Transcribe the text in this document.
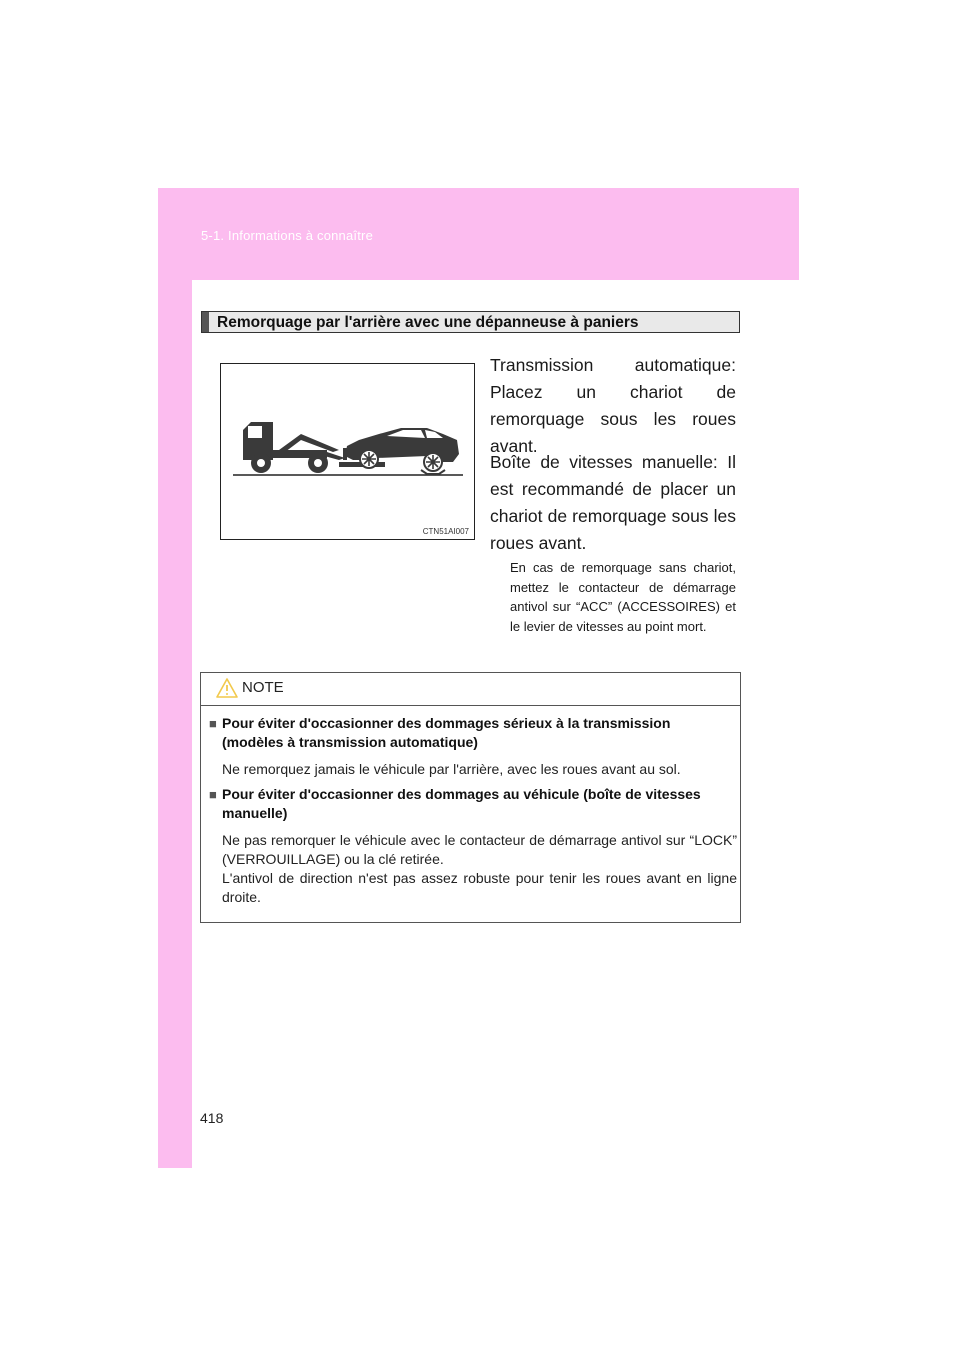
5-1. Informations à connaître
Remorquage par l'arrière avec une dépanneuse à paniers
CTN51AI007
Transmission automatique: Placez un chariot de remorquage sous les roues avant.
Boîte de vitesses manuelle: Il est recommandé de placer un chariot de remorquage sous les roues avant.
En cas de remorquage sans chariot, mettez le contacteur de démarrage antivol sur “ACC” (ACCESSOIRES) et le levier de vitesses au point mort.
NOTE
■ Pour éviter d'occasionner des dommages sérieux à la transmission (modèles à transmission automatique)
Ne remorquez jamais le véhicule par l'arrière, avec les roues avant au sol.
■ Pour éviter d'occasionner des dommages au véhicule (boîte de vitesses manuelle)
Ne pas remorquer le véhicule avec le contacteur de démarrage antivol sur “LOCK” (VERROUILLAGE) ou la clé retirée.
L'antivol de direction n'est pas assez robuste pour tenir les roues avant en ligne droite.
418
